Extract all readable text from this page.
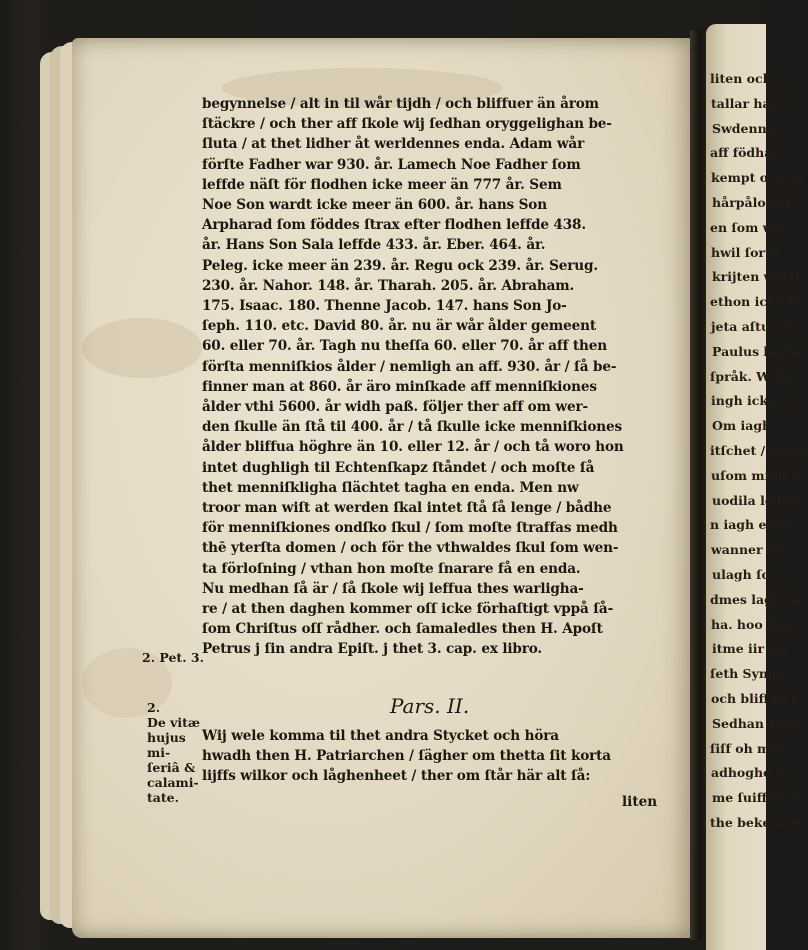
liten och on
tallar han ſ
Swdennes
aff födhas
kempt och ſa
hårpålordn
en ſom wa
hwil ſorte
krijten werſt
ethon icke fa
jeta aſtunda
Paulus bighel
ſpråk. Wilia
ingh icke. vt
Om iagh
itſchet / vthal
uſom migh e
uodila ledhe
n iagh effte
wanner lor
ulagh ſom j
dmes lagh ſo
ha. hoo ſkal
itme iir on
ſeth Synde
och bliffua h
Sedhan Kall
ſiſf oh mon
adhoghe ſo
me ſuiffue d
the bekenner
begynnelse / alt in til wår tijdh / och bliffuer än årom
ſtäckre / och ther aff ſkole wij ſedhan oryggelighan be-
ſluta / at thet lidher åt werldennes enda. Adam wår
förſte Fadher war 930. år. Lamech Noe Fadher ſom
leffde näſt för flodhen icke meer än 777 år. Sem
Noe Son wardt icke meer än 600. år. hans Son
Arpharad ſom föddes ſtrax efter flodhen leffde 438.
år. Hans Son Sala leffde 433. år. Eber. 464. år.
Peleg. icke meer än 239. år. Regu ock 239. år. Serug.
230. år. Nahor. 148. år. Tharah. 205. år. Abraham.
175. Isaac. 180. Thenne Jacob. 147. hans Son Jo-
ſeph. 110. etc. David 80. år. nu är wår ålder gemeent
60. eller 70. år. Tagh nu theſſa 60. eller 70. år aff then
förſta menniſkios ålder / nemligh an aff. 930. år / ſå be-
finner man at 860. år äro minſkade aff menniſkiones
ålder vthi 5600. år widh paß. följer ther aff om wer-
den ſkulle än ſtå til 400. år / tå ſkulle icke menniſkiones
ålder bliffua höghre än 10. eller 12. år / och tå woro hon
intet dughligh til Echtenſkapz ſtåndet / och moſte ſå
thet menniſkligha ſlächtet tagha en enda. Men nw
troor man wiſt at werden ſkal intet ſtå ſå lenge / bådhe
för menniſkiones ondſko ſkul / ſom moſte ſtraffas medh
thē yterſta domen / och för the vthwaldes ſkul ſom wen-
ta förloſning / vthan hon moſte ſnarare få en enda.
Nu medhan ſå är / ſå ſkole wij leffua thes warligha-
re / at then daghen kommer oſſ icke förhaſtigt vppå ſå-
ſom Chriſtus oſſ rådher. och ſamaledles then H. Apoſt
Petrus j ſin andra Epiſt. j thet 3. cap. ex libro.
2. Pet. 3.
Pars. II.
2.
De vitæ
hujus mi-
ſeriâ &
calami-
tate.
Wij wele komma til thet andra Stycket och höra
hwadh then H. Patriarchen / ſägher om thetta ſit korta
lijffs wilkor och låghenheet / ther om ſtår här alt ſå:
liten
